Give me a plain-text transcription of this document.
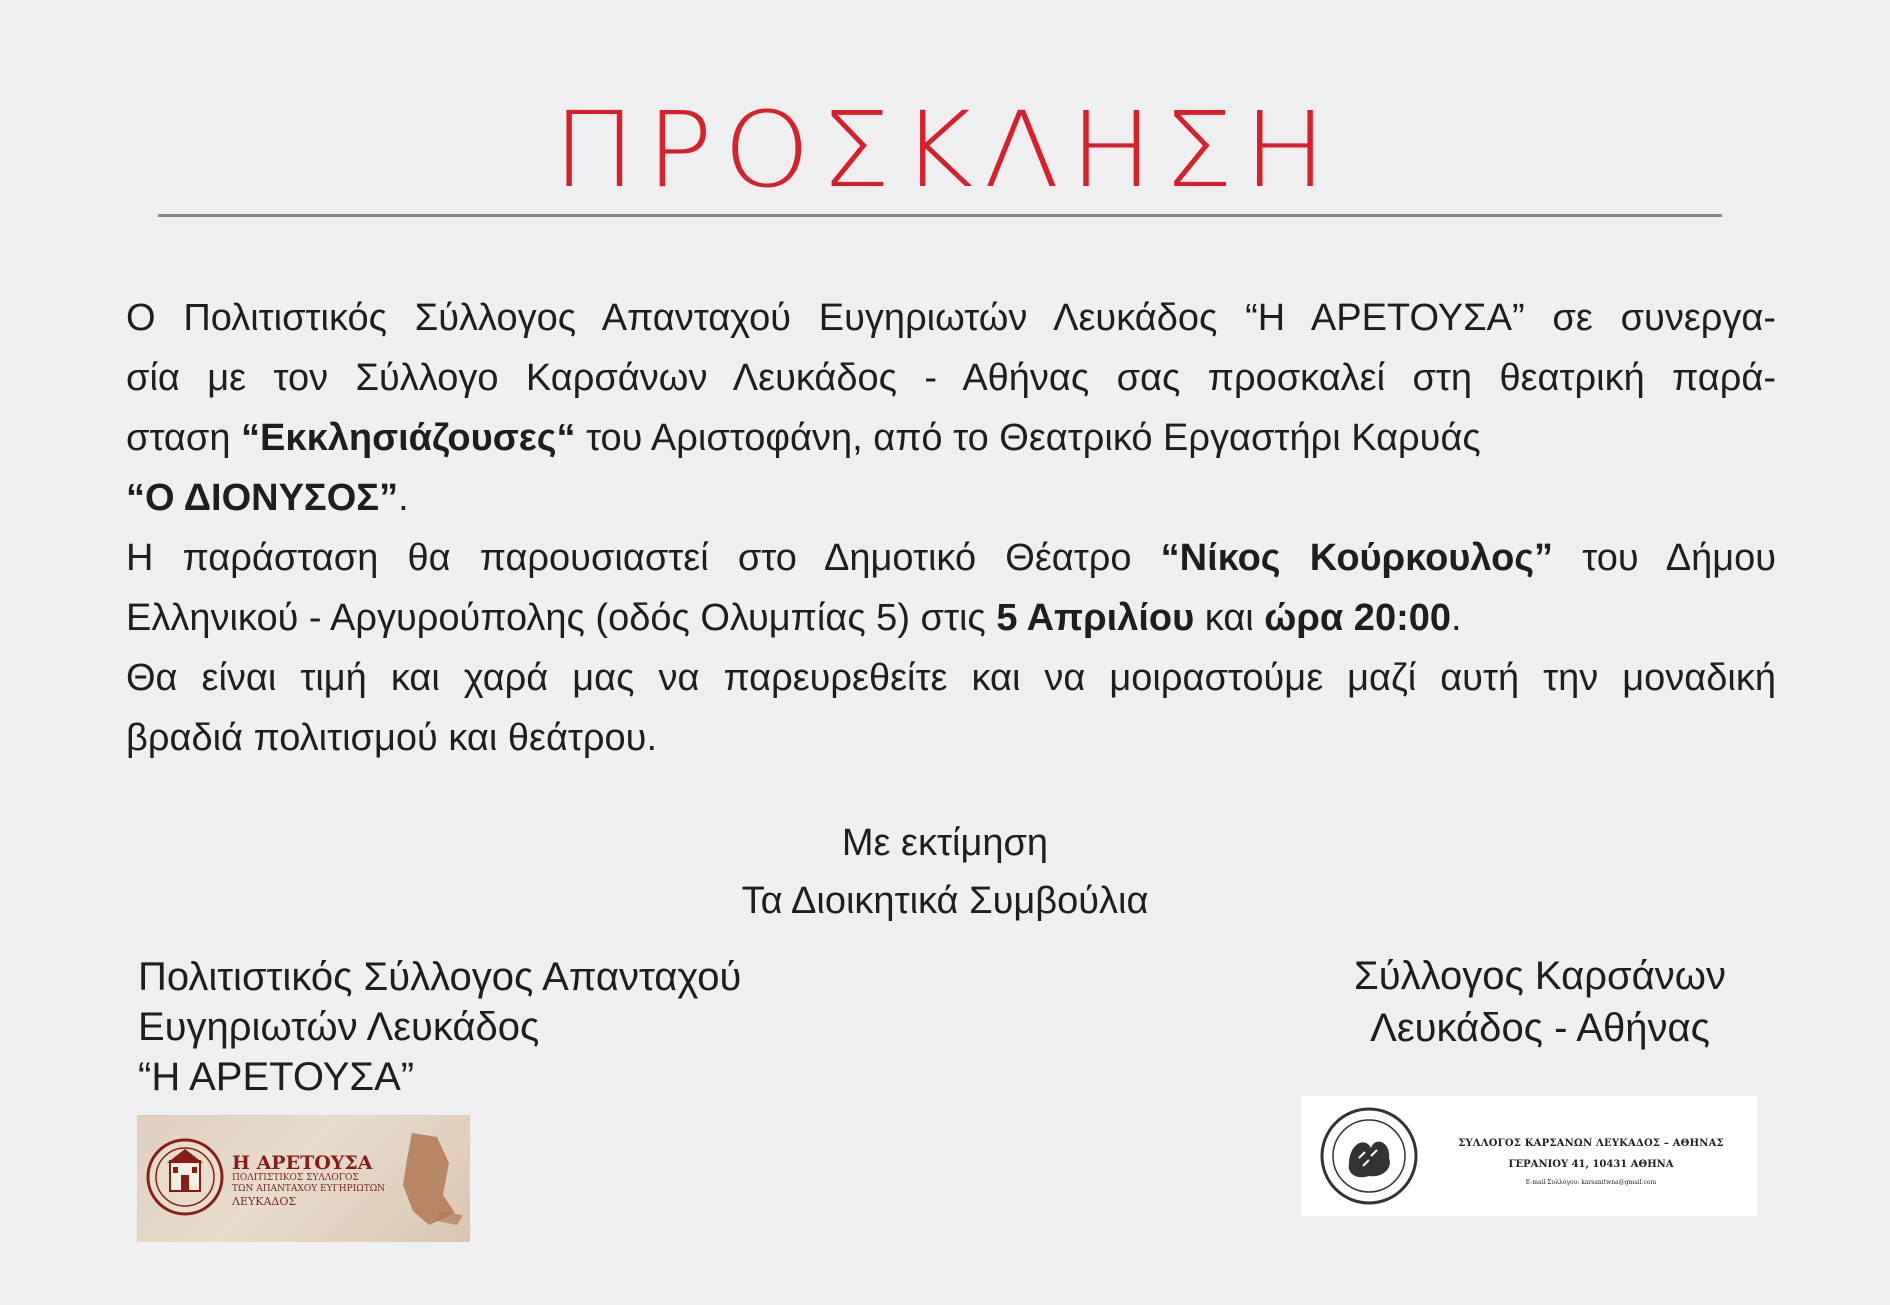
ΠΡΟΣΚΛΗΣΗ
Ο Πολιτιστικός Σύλλογος Απανταχού Ευγηριωτών Λευκάδος “Η ΑΡΕΤΟΥΣΑ” σε συνεργα-
σία με τον Σύλλογο Καρσάνων Λευκάδος - Αθήνας σας προσκαλεί στη θεατρική παρά-
σταση “Εκκλησιάζουσες“ του Αριστοφάνη, από το Θεατρικό Εργαστήρι Καρυάς
“Ο ΔΙΟΝΥΣΟΣ”.
Η παράσταση θα παρουσιαστεί στο Δημοτικό Θέατρο “Νίκος Κούρκουλος” του Δήμου
Ελληνικού - Αργυρούπολης (οδός Ολυμπίας 5) στις 5 Απριλίου και ώρα 20:00.
Θα είναι τιμή και χαρά μας να παρευρεθείτε και να μοιραστούμε μαζί αυτή την μοναδική
βραδιά πολιτισμού και θεάτρου.
Με εκτίμηση
Τα Διοικητικά Συμβούλια
Πολιτιστικός Σύλλογος Απανταχού
Ευγηριωτών Λευκάδος
“Η ΑΡΕΤΟΥΣΑ”
Σύλλογος Καρσάνων
Λευκάδος - Αθήνας
Η ΑΡΕΤΟΥΣΑ
ΠΟΛΙΤΙΣΤΙΚΟΣ ΣΥΛΛΟΓΟΣ
ΤΩΝ ΑΠΑΝΤΑΧΟΥ ΕΥΓΗΡΙΩΤΩΝ
ΛΕΥΚΑΔΟΣ
ΣΥΛΛΟΓΟΣ ΚΑΡΣΑΝΩΝ ΛΕΥΚΑΔΟΣ – ΑΘΗΝΑΣ
ΓΕΡΑΝΙΟΥ 41, 10431 ΑΘΗΝΑ
E-mail Συλλόγου: karsanitwna@gmail.com
